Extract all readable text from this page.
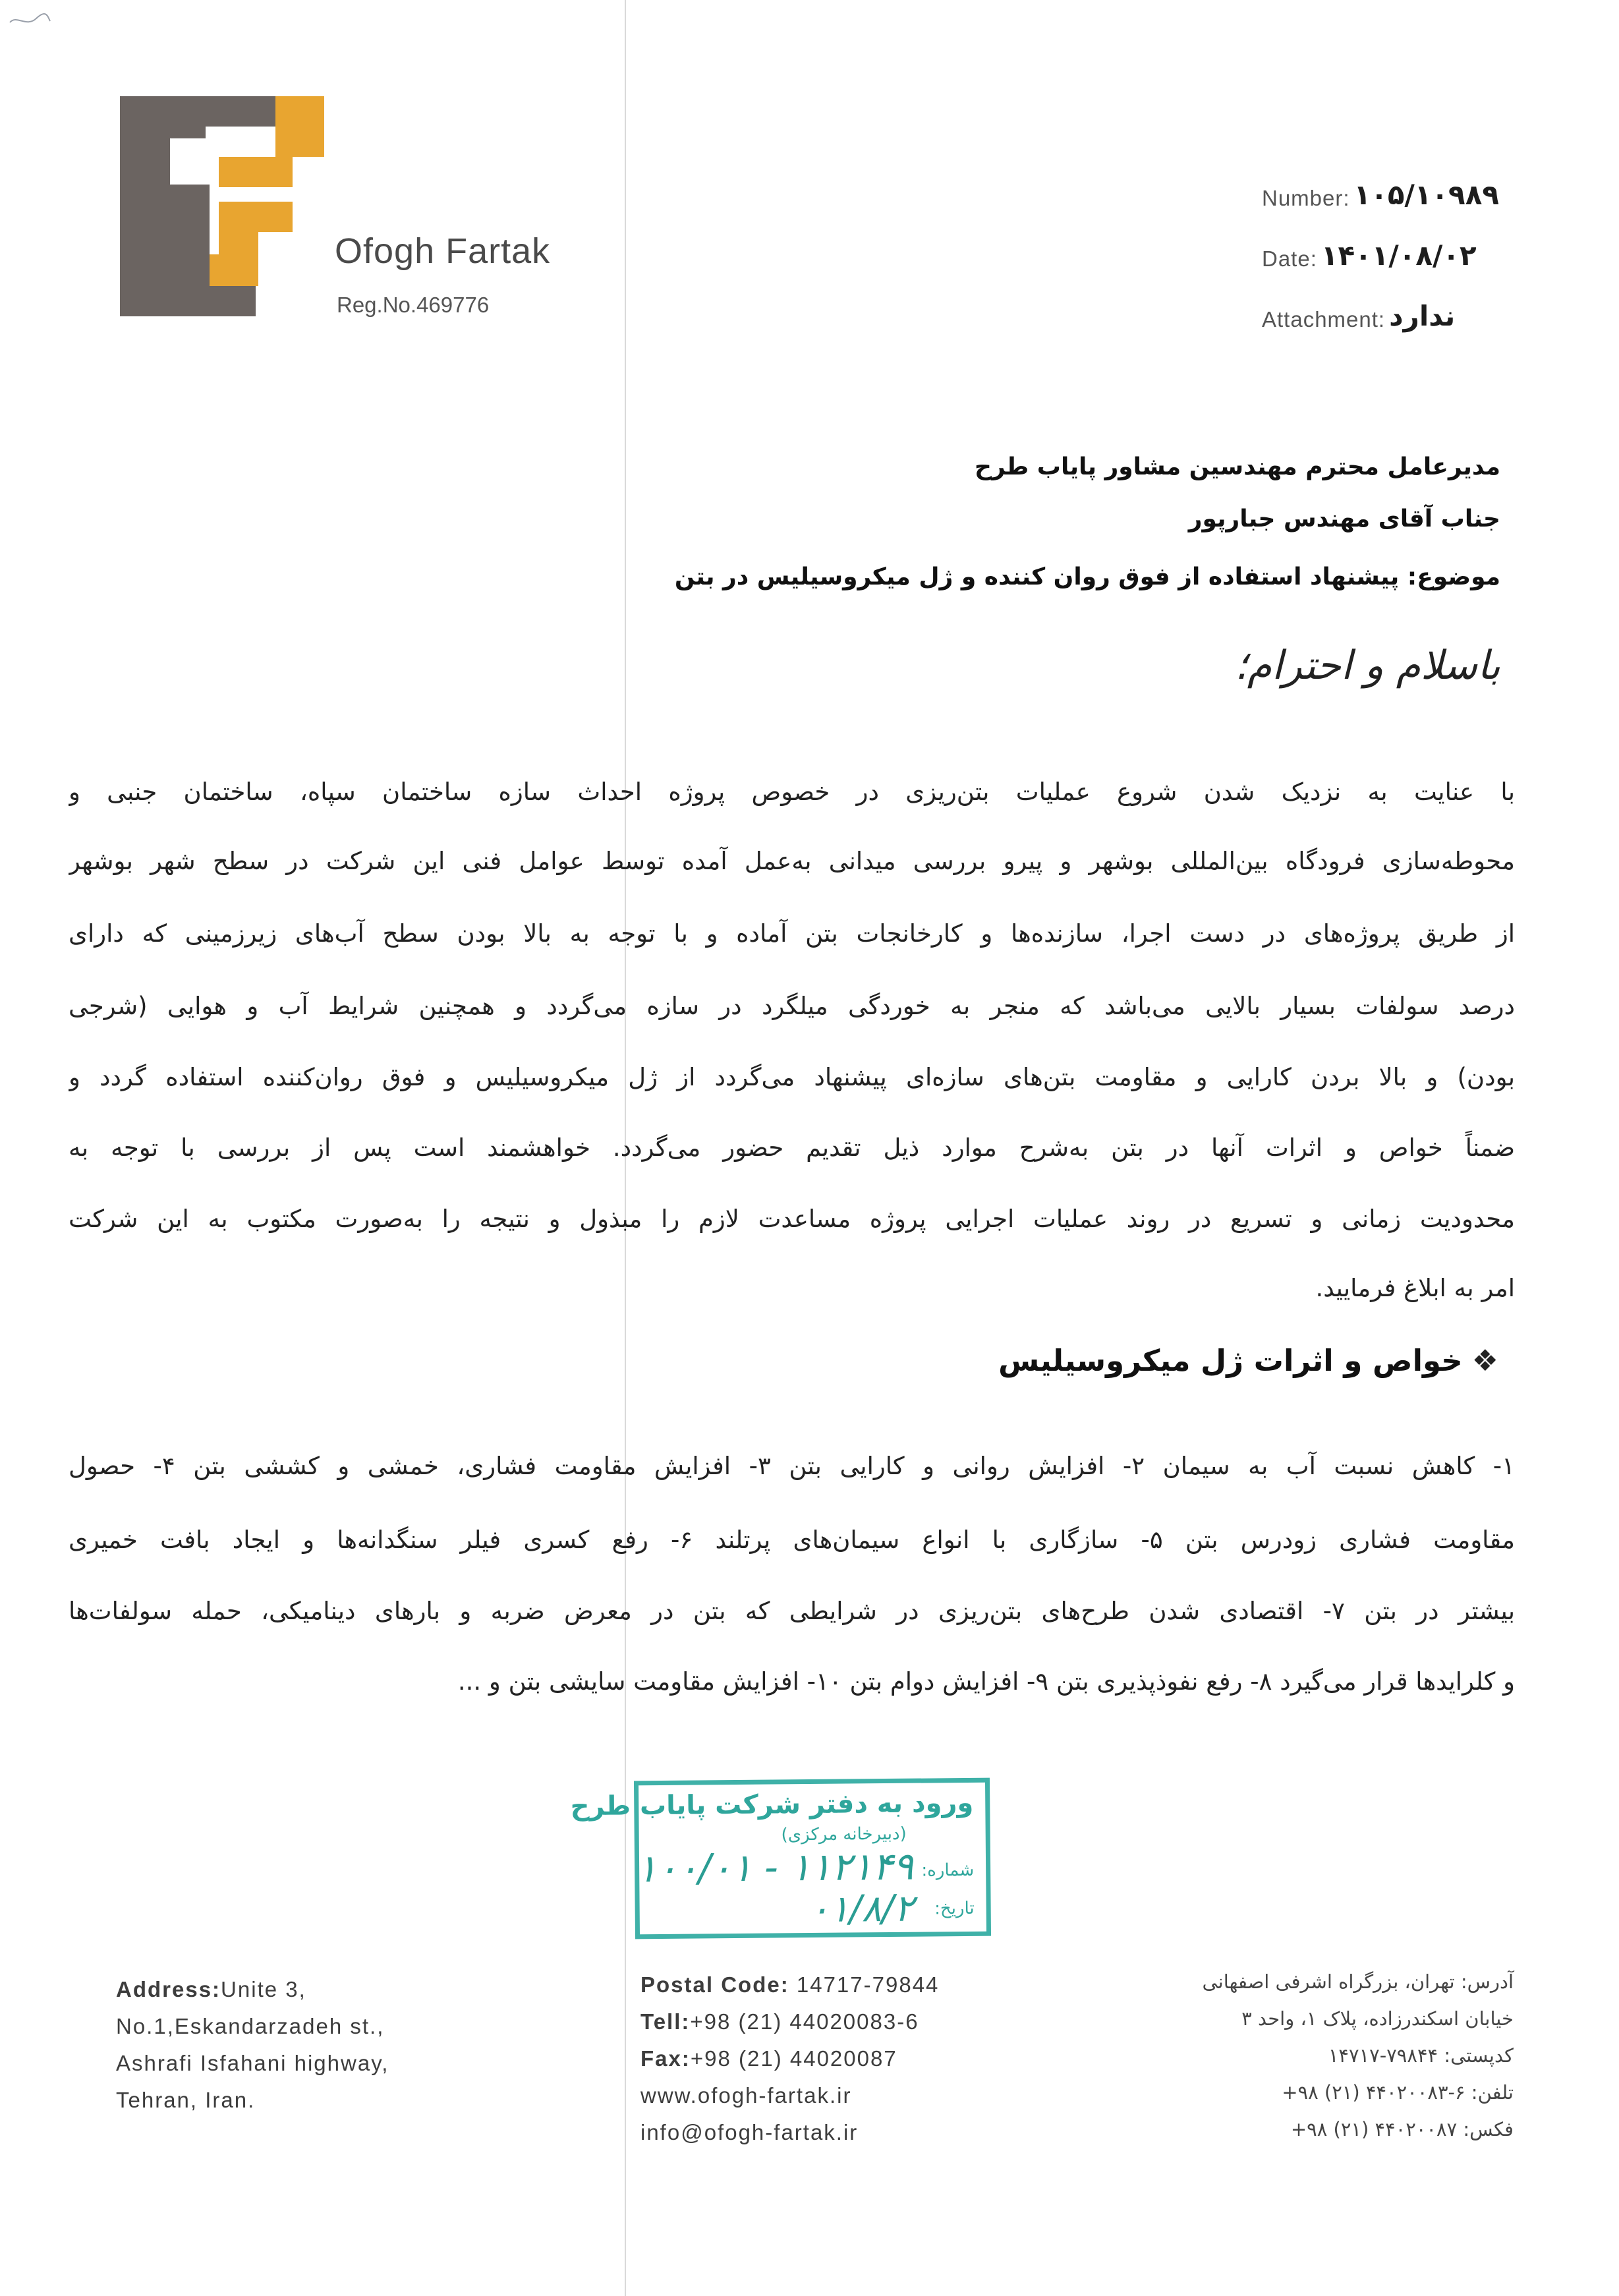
Ofogh Fartak
Reg.No.469776
Number: ۱۰۵/۱۰۹۸۹
Date: ۱۴۰۱/۰۸/۰۲
Attachment: ندارد
مدیرعامل محترم مهندسین مشاور پایاب طرح
جناب آقای مهندس جبارپور
موضوع: پیشنهاد استفاده از فوق روان کننده و ژل میکروسیلیس در بتن
باسلام و احترام؛
با عنایت به نزدیک شدن شروع عملیات بتن‌ریزی در خصوص پروژه احداث سازه ساختمان سپاه، ساختمان جنبی و
محوطه‌سازی فرودگاه بین‌المللی بوشهر و پیرو بررسی میدانی به‌عمل آمده توسط عوامل فنی این شرکت در سطح شهر بوشهر
از طریق پروژه‌های در دست اجرا، سازنده‌ها و کارخانجات بتن آماده و با توجه به بالا بودن سطح آب‌های زیرزمینی که دارای
درصد سولفات بسیار بالایی می‌باشد که منجر به خوردگی میلگرد در سازه می‌گردد و همچنین شرایط آب و هوایی (شرجی
بودن) و بالا بردن کارایی و مقاومت بتن‌های سازه‌ای پیشنهاد می‌گردد از ژل میکروسیلیس و فوق روان‌کننده استفاده گردد و
ضمناً خواص و اثرات آنها در بتن به‌شرح موارد ذیل تقدیم حضور می‌گردد. خواهشمند است پس از بررسی با توجه به
محدودیت زمانی و تسریع در روند عملیات اجرایی پروژه مساعدت لازم را مبذول و نتیجه را به‌صورت مکتوب به این شرکت
امر به ابلاغ فرمایید.
❖خواص و اثرات ژل میکروسیلیس
۱- کاهش نسبت آب به سیمان ۲- افزایش روانی و کارایی بتن ۳- افزایش مقاومت فشاری، خمشی و کششی بتن ۴- حصول
مقاومت فشاری زودرس بتن ۵- سازگاری با انواع سیمان‌های پرتلند ۶- رفع کسری فیلر سنگدانه‌ها و ایجاد بافت خمیری
بیشتر در بتن ۷- اقتصادی شدن طرح‌های بتن‌ریزی در شرایطی که بتن در معرض ضربه و بارهای دینامیکی، حمله سولفات‌ها
و کلرایدها قرار می‌گیرد ۸- رفع نفوذپذیری بتن ۹- افزایش دوام بتن ۱۰- افزایش مقاومت سایشی بتن و ...
ورود به دفتر شرکت پایاب طرح
(دبیرخانه مرکزی)
شماره:
۱۰۰/۰۱ - ۱۱۲۱۴۹
تاریخ:
۰۱/۸/۲
Address:Unite 3,
No.1,Eskandarzadeh st.,
Ashrafi Isfahani highway,
Tehran, Iran.
Postal Code: 14717-79844
Tell:+98 (21) 44020083-6
Fax:+98 (21) 44020087
www.ofogh-fartak.ir
info@ofogh-fartak.ir
آدرس: تهران، بزرگراه اشرفی اصفهانی
خیابان اسکندرزاده، پلاک ۱، واحد ۳
کدپستی: ۷۹۸۴۴-۱۴۷۱۷
تلفن: ۶-۴۴۰۲۰۰۸۳ (۲۱) ۹۸+
فکس: ۴۴۰۲۰۰۸۷ (۲۱) ۹۸+
